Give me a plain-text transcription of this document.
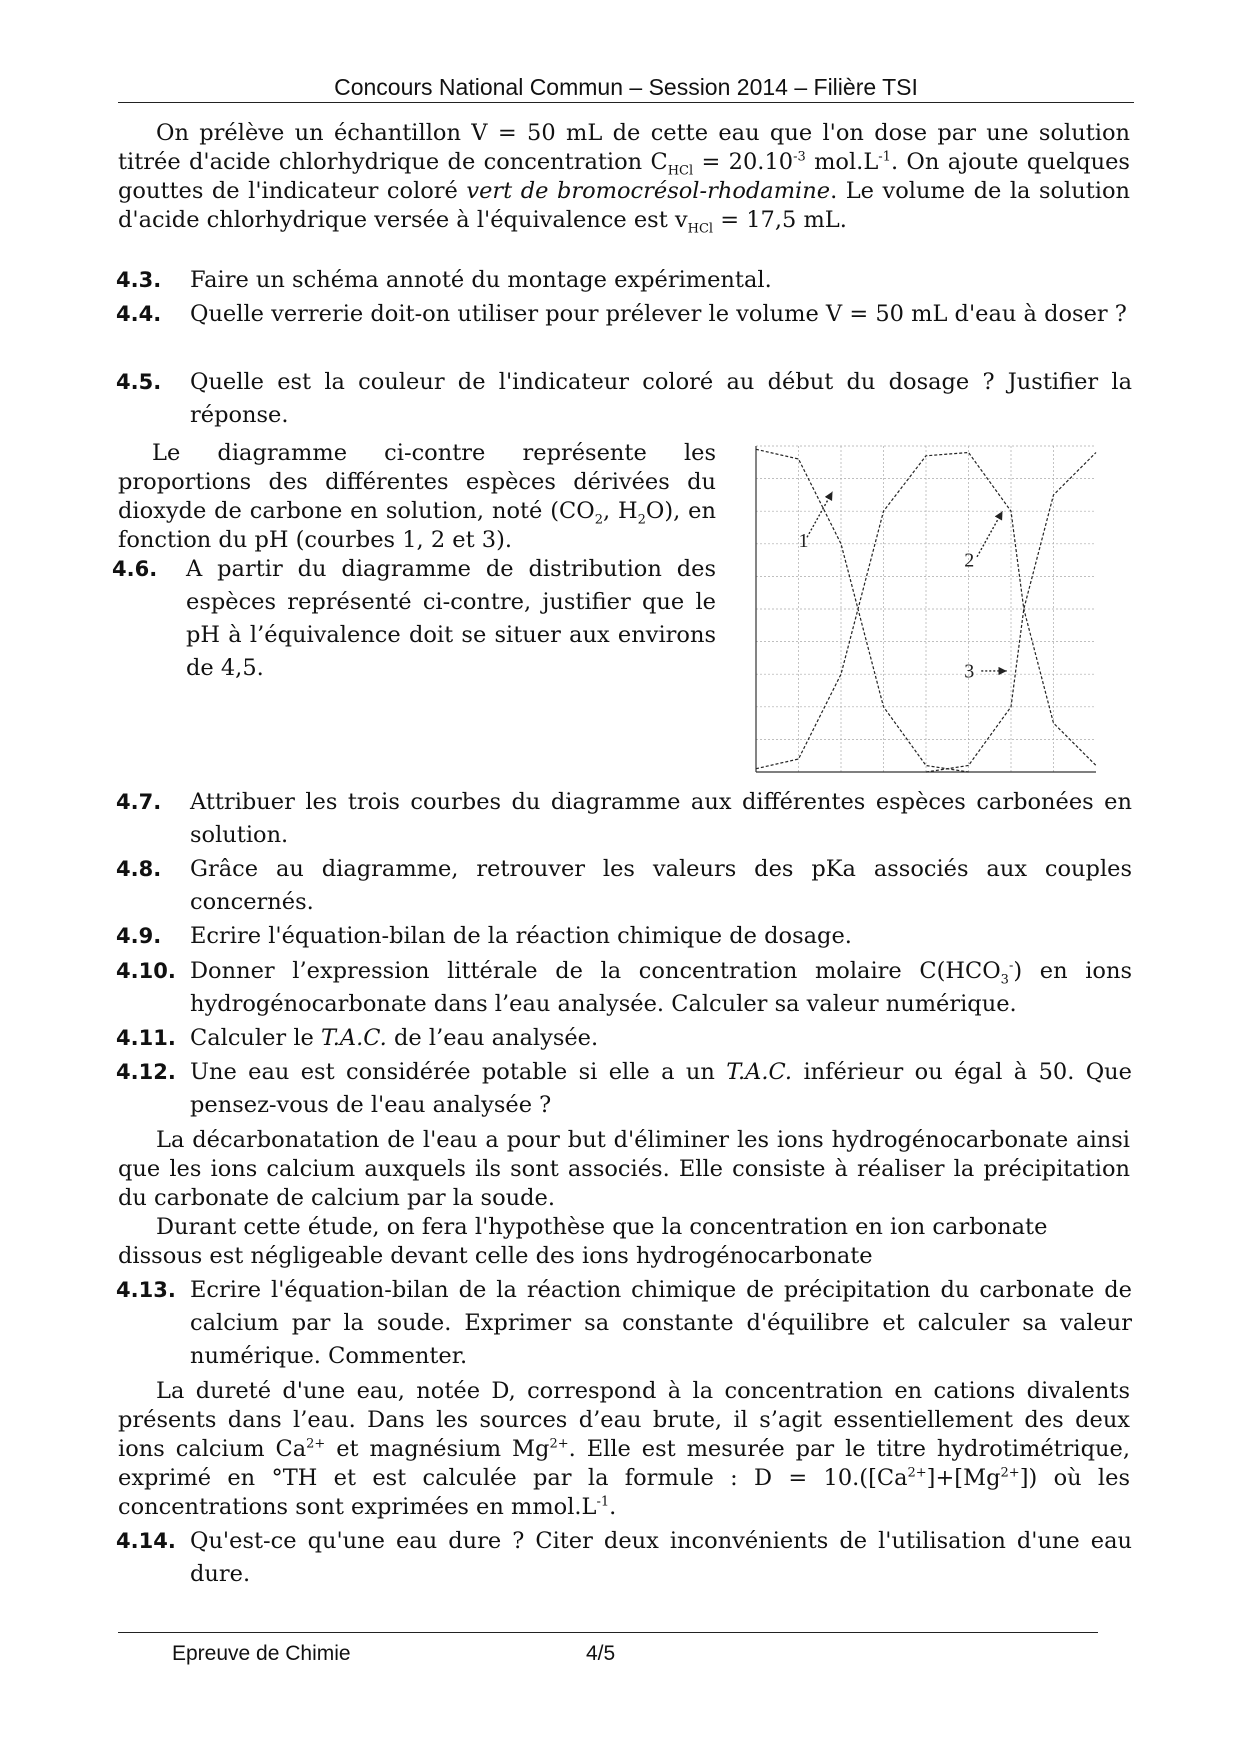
Concours National Commun – Session 2014 – Filière TSI
On prélève un échantillon V = 50 mL de cette eau que l'on dose par une solution titrée d'acide chlorhydrique de concentration $C_{HCl} = 20.10^{-3}$ $mol.L^{-1}$. On ajoute quelques gouttes de l'indicateur coloré vert de bromocrésol-rhodamine. Le volume de la solution d'acide chlorhydrique versée à l'équivalence est $v_{HCl} = 17,5$ mL.
4.3. Faire un schéma annoté du montage expérimental.
4.4. Quelle verrerie doit-on utiliser pour prélever le volume V = 50 mL d'eau à doser ?
4.5. Quelle est la couleur de l'indicateur coloré au début du dosage ? Justifier la réponse.
Le diagramme ci-contre représente les proportions des différentes espèces dérivées du dioxyde de carbone en solution, noté ($CO_2$, $H_2O$), en fonction du pH (courbes 1, 2 et 3).
4.6. A partir du diagramme de distribution des espèces représenté ci-contre, justifier que le pH à l’équivalence doit se situer aux environs de 4,5.
1
2
3
4.7. Attribuer les trois courbes du diagramme aux différentes espèces carbonées en solution.
4.8. Grâce au diagramme, retrouver les valeurs des pKa associés aux couples concernés.
4.9. Ecrire l'équation-bilan de la réaction chimique de dosage.
4.10. Donner l’expression littérale de la concentration molaire $C(HCO_3^-)$ en ions hydrogénocarbonate dans l’eau analysée. Calculer sa valeur numérique.
4.11. Calculer le T.A.C. de l’eau analysée.
4.12. Une eau est considérée potable si elle a un T.A.C. inférieur ou égal à 50. Que pensez-vous de l'eau analysée ?
La décarbonatation de l'eau a pour but d'éliminer les ions hydrogénocarbonate ainsi que les ions calcium auxquels ils sont associés. Elle consiste à réaliser la précipitation du carbonate de calcium par la soude.
Durant cette étude, on fera l'hypothèse que la concentration en ion carbonate dissous est négligeable devant celle des ions hydrogénocarbonate
4.13. Ecrire l'équation-bilan de la réaction chimique de précipitation du carbonate de calcium par la soude. Exprimer sa constante d'équilibre et calculer sa valeur numérique. Commenter.
La dureté d'une eau, notée D, correspond à la concentration en cations divalents présents dans l’eau. Dans les sources d’eau brute, il s’agit essentiellement des deux ions calcium $Ca^{2+}$ et magnésium $Mg^{2+}$. Elle est mesurée par le titre hydrotimétrique, exprimé en °TH et est calculée par la formule : $D = 10.([Ca^{2+}]+[Mg^{2+}])$ où les concentrations sont exprimées en $mmol.L^{-1}$.
4.14. Qu'est-ce qu'une eau dure ? Citer deux inconvénients de l'utilisation d'une eau dure.
Epreuve de Chimie	4/5
